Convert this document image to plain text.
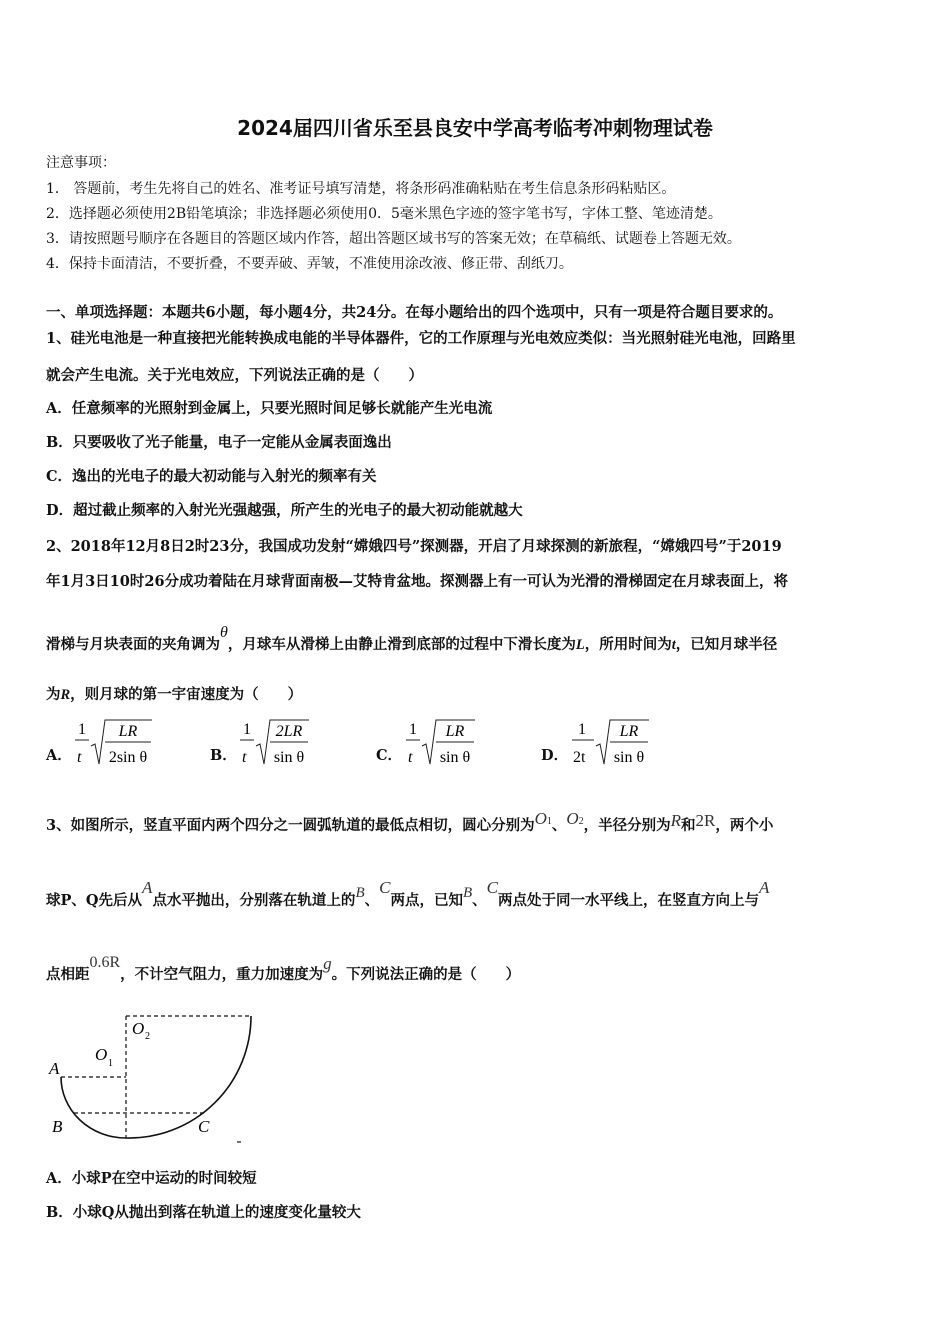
2024届四川省乐至县良安中学高考临考冲刺物理试卷
注意事项：
1． 答题前，考生先将自己的姓名、准考证号填写清楚，将条形码准确粘贴在考生信息条形码粘贴区。
2．选择题必须使用2B铅笔填涂；非选择题必须使用0．5毫米黑色字迹的签字笔书写，字体工整、笔迹清楚。
3．请按照题号顺序在各题目的答题区域内作答，超出答题区域书写的答案无效；在草稿纸、试题卷上答题无效。
4．保持卡面清洁，不要折叠，不要弄破、弄皱，不准使用涂改液、修正带、刮纸刀。
一、单项选择题：本题共6小题，每小题4分，共24分。在每小题给出的四个选项中，只有一项是符合题目要求的。
1、硅光电池是一种直接把光能转换成电能的半导体器件，它的工作原理与光电效应类似：当光照射硅光电池，回路里
就会产生电流。关于光电效应，下列说法正确的是（　　）
A．任意频率的光照射到金属上，只要光照时间足够长就能产生光电流
B．只要吸收了光子能量，电子一定能从金属表面逸出
C．逸出的光电子的最大初动能与入射光的频率有关
D．超过截止频率的入射光光强越强，所产生的光电子的最大初动能就越大
2、2018年12月8日2时23分，我国成功发射“嫦娥四号”探测器，开启了月球探测的新旅程，“嫦娥四号”于2019
年1月3日10时26分成功着陆在月球背面南极—艾特肯盆地。探测器上有一可认为光滑的滑梯固定在月球表面上，将
滑梯与月块表面的夹角调为θ，月球车从滑梯上由静止滑到底部的过程中下滑长度为L，所用时间为t，已知月球半径
为R，则月球的第一宇宙速度为（　　）
A．
1
t
LR
2sin θ	B．
1
t
2LR
sin θ	C．
1
t
LR
sin θ	D．
1
2t
LR
sin θ
3、如图所示，竖直平面内两个四分之一圆弧轨道的最低点相切，圆心分别为O1、O2，半径分别为R和2R，两个小
球P、Q先后从A点水平抛出，分别落在轨道上的B、C两点，已知B、C两点处于同一水平线上，在竖直方向上与A
点相距0.6R，不计空气阻力，重力加速度为g。下列说法正确的是（　　）
O 2
O 1
A
B	C
A．小球P在空中运动的时间较短
B．小球Q从抛出到落在轨道上的速度变化量较大
